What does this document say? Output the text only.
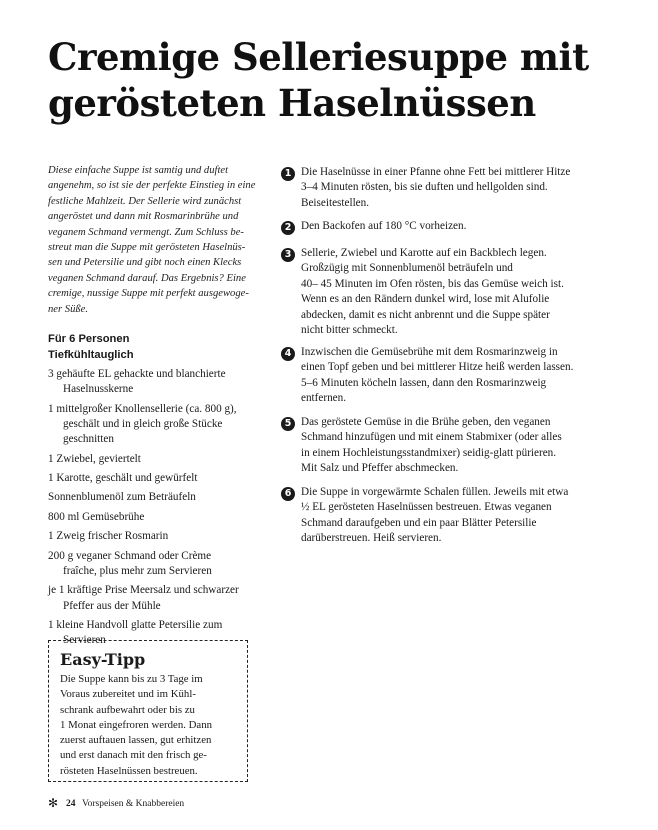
Cremige Selleriesuppe mit
gerösteten Haselnüssen

Diese einfache Suppe ist samtig und duftet
angenehm, so ist sie der perfekte Einstieg in eine
festliche Mahlzeit. Der Sellerie wird zunächst
angeröstet und dann mit Rosmarinbrühe und
veganem Schmand vermengt. Zum Schluss be-
streut man die Suppe mit gerösteten Haselnüs-
sen und Petersilie und gibt noch einen Klecks
veganen Schmand darauf. Das Ergebnis? Eine
cremige, nussige Suppe mit perfekt ausgewoge-
ner Süße.

Für 6 Personen
Tiefkühltauglich
3 gehäufte EL gehackte und blanchierte
Haselnusskerne
1 mittelgroßer Knollensellerie (ca. 800 g),
geschält und in gleich große Stücke
geschnitten
1 Zwiebel, geviertelt
1 Karotte, geschält und gewürfelt
Sonnenblumenöl zum Beträufeln
800 ml Gemüsebrühe
1 Zweig frischer Rosmarin
200 g veganer Schmand oder Crème
fraîche, plus mehr zum Servieren
je 1 kräftige Prise Meersalz und schwarzer
Pfeffer aus der Mühle
1 kleine Handvoll glatte Petersilie zum
Servieren
Easy-Tipp
Die Suppe kann bis zu 3 Tage im
Voraus zubereitet und im Kühl-
schrank aufbewahrt oder bis zu
1 Monat eingefroren werden. Dann
zuerst auftauen lassen, gut erhitzen
und erst danach mit den frisch ge-
rösteten Haselnüssen bestreuen.
1 Die Haselnüsse in einer Pfanne ohne Fett bei mittlerer Hitze
3–4 Minuten rösten, bis sie duften und hellgolden sind.
Beiseitestellen.
2 Den Backofen auf 180 °C vorheizen.
3 Sellerie, Zwiebel und Karotte auf ein Backblech legen.
Großzügig mit Sonnenblumenöl beträufeln und
40– 45 Minuten im Ofen rösten, bis das Gemüse weich ist.
Wenn es an den Rändern dunkel wird, lose mit Alufolie
abdecken, damit es nicht anbrennt und die Suppe später
nicht bitter schmeckt.
4 Inzwischen die Gemüsebrühe mit dem Rosmarinzweig in
einen Topf geben und bei mittlerer Hitze heiß werden lassen.
5–6 Minuten köcheln lassen, dann den Rosmarinzweig
entfernen.
5 Das geröstete Gemüse in die Brühe geben, den veganen
Schmand hinzufügen und mit einem Stabmixer (oder alles
in einem Hochleistungsstandmixer) seidig-glatt pürieren.
Mit Salz und Pfeffer abschmecken.
6 Die Suppe in vorgewärmte Schalen füllen. Jeweils mit etwa
½ EL gerösteten Haselnüssen bestreuen. Etwas veganen
Schmand daraufgeben und ein paar Blätter Petersilie
darüberstreuen. Heiß servieren.
✻ 24 Vorspeisen & Knabbereien
